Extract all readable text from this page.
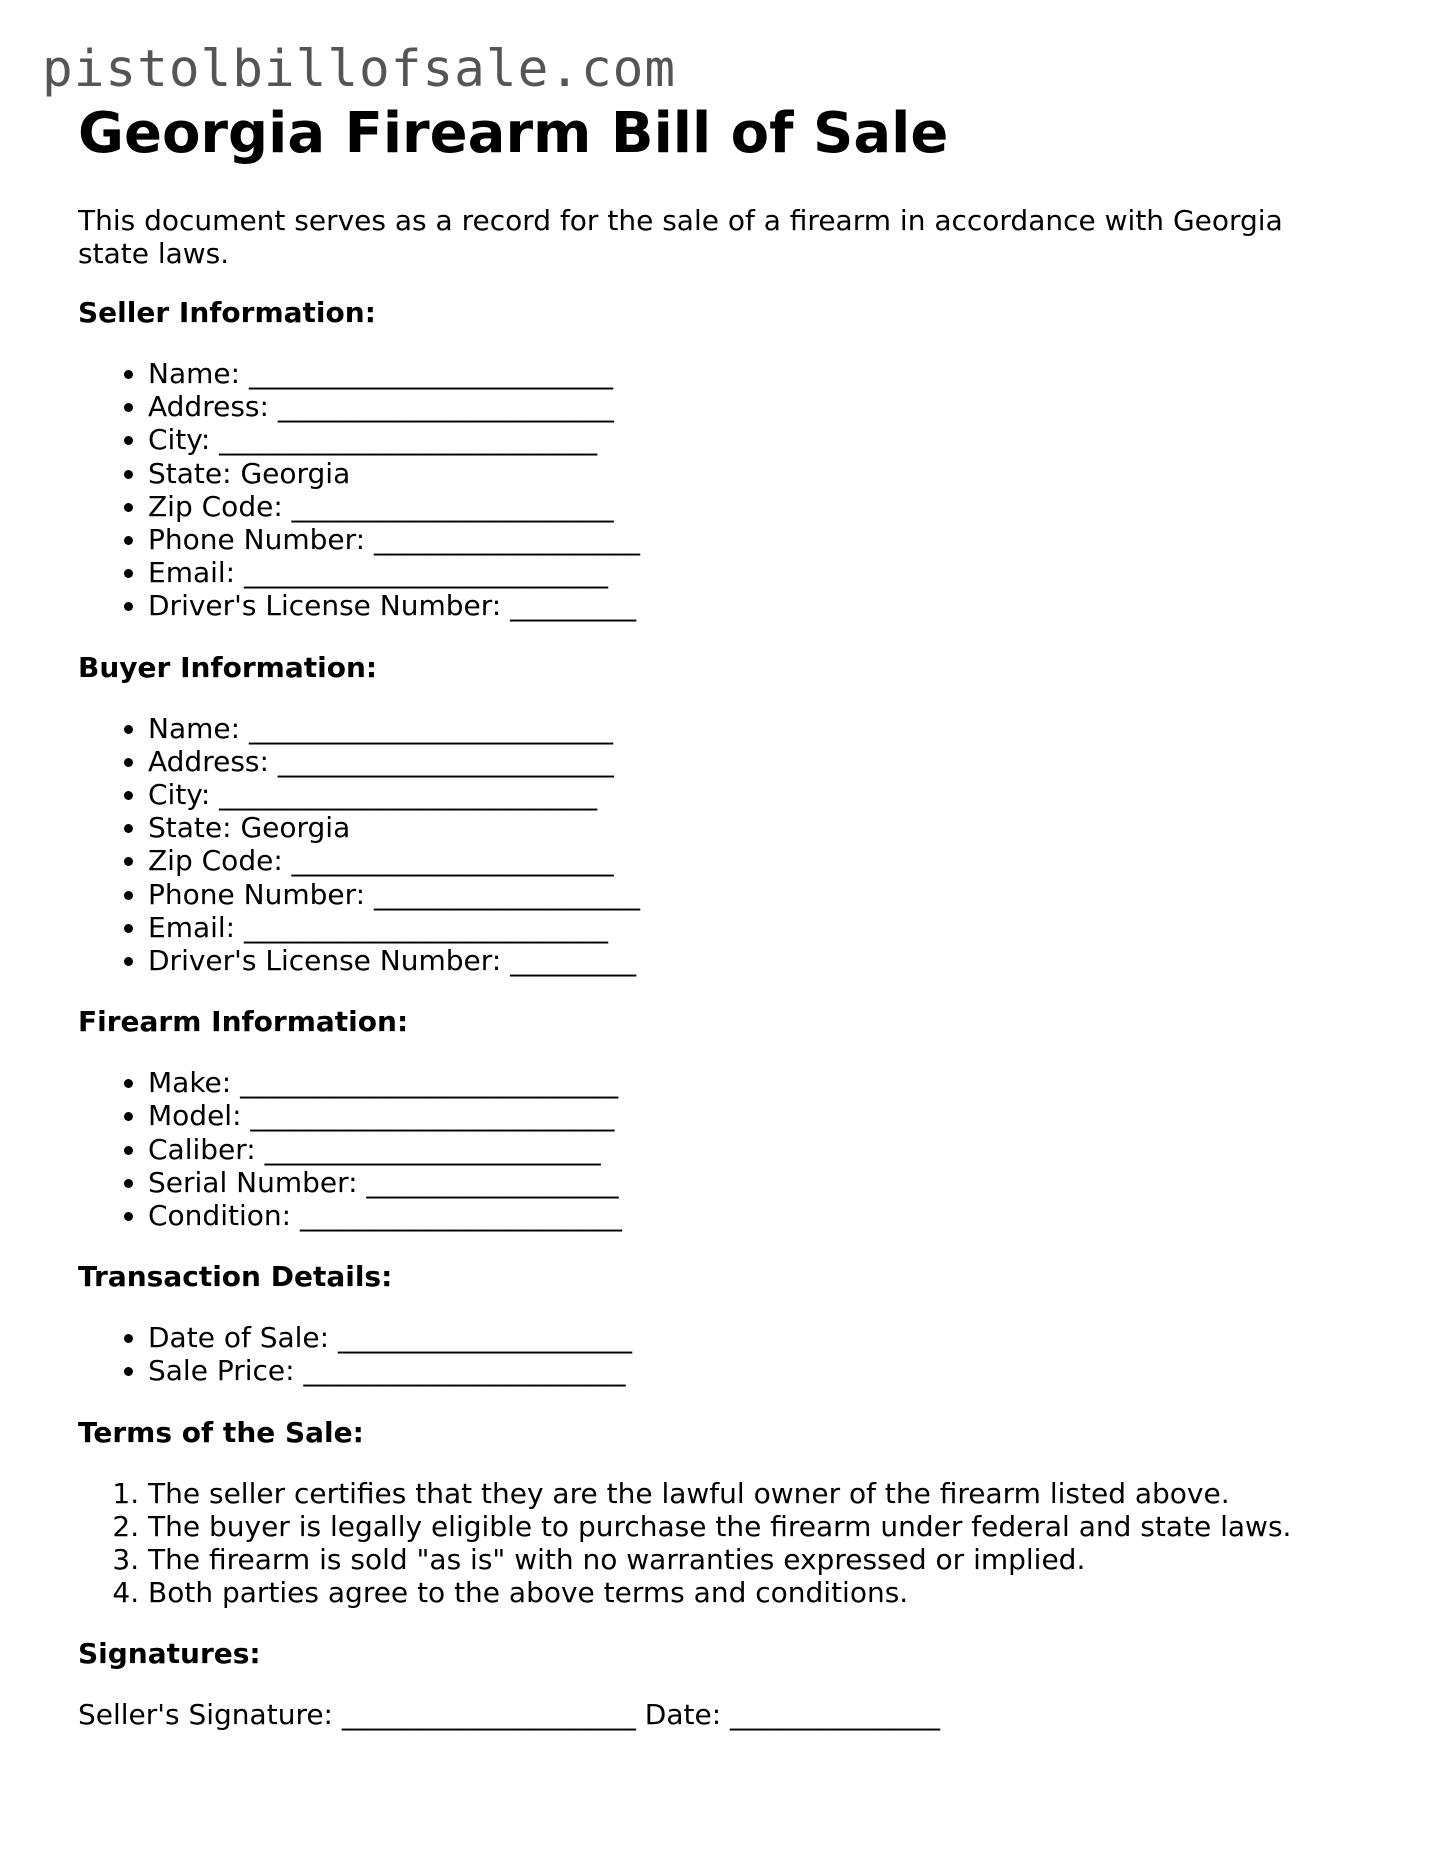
pistolbillofsale.com
Georgia Firearm Bill of Sale

This document serves as a record for the sale of a firearm in accordance with Georgia state laws.

Seller Information:
• Name: __________________________
• Address: ________________________
• City: ___________________________
• State: Georgia
• Zip Code: _______________________
• Phone Number: ___________________
• Email: __________________________
• Driver's License Number: _________
Buyer Information:
• Name: __________________________
• Address: ________________________
• City: ___________________________
• State: Georgia
• Zip Code: _______________________
• Phone Number: ___________________
• Email: __________________________
• Driver's License Number: _________
Firearm Information:
• Make: ___________________________
• Model: __________________________
• Caliber: ________________________
• Serial Number: __________________
• Condition: _______________________
Transaction Details:
• Date of Sale: _____________________
• Sale Price: _______________________
Terms of the Sale:
1. The seller certifies that they are the lawful owner of the firearm listed above.
2. The buyer is legally eligible to purchase the firearm under federal and state laws.
3. The firearm is sold "as is" with no warranties expressed or implied.
4. Both parties agree to the above terms and conditions.
Signatures:

Seller's Signature: _____________________ Date: _______________
